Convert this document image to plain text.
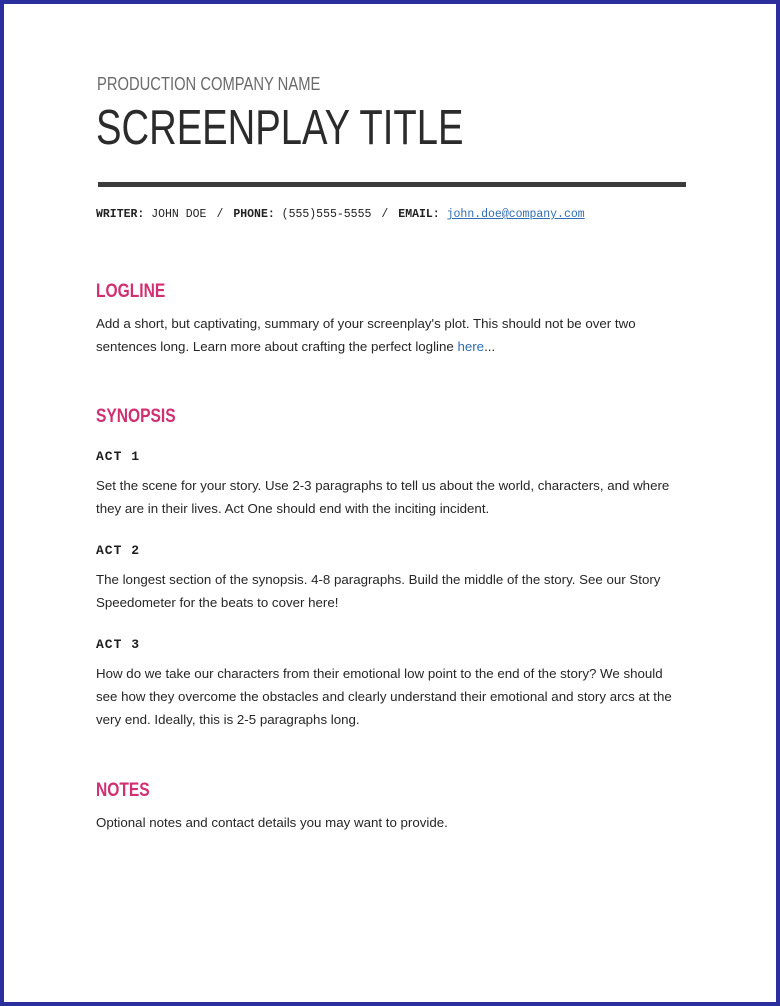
PRODUCTION COMPANY NAME
SCREENPLAY TITLE
WRITER: JOHN DOE / PHONE: (555)555-5555 / EMAIL: john.doe@company.com
LOGLINE
Add a short, but captivating, summary of your screenplay's plot. This should not be over two sentences long. Learn more about crafting the perfect logline here...
SYNOPSIS
ACT 1
Set the scene for your story. Use 2-3 paragraphs to tell us about the world, characters, and where they are in their lives. Act One should end with the inciting incident.
ACT 2
The longest section of the synopsis. 4-8 paragraphs. Build the middle of the story. See our Story Speedometer for the beats to cover here!
ACT 3
How do we take our characters from their emotional low point to the end of the story? We should see how they overcome the obstacles and clearly understand their emotional and story arcs at the very end. Ideally, this is 2-5 paragraphs long.
NOTES
Optional notes and contact details you may want to provide.
